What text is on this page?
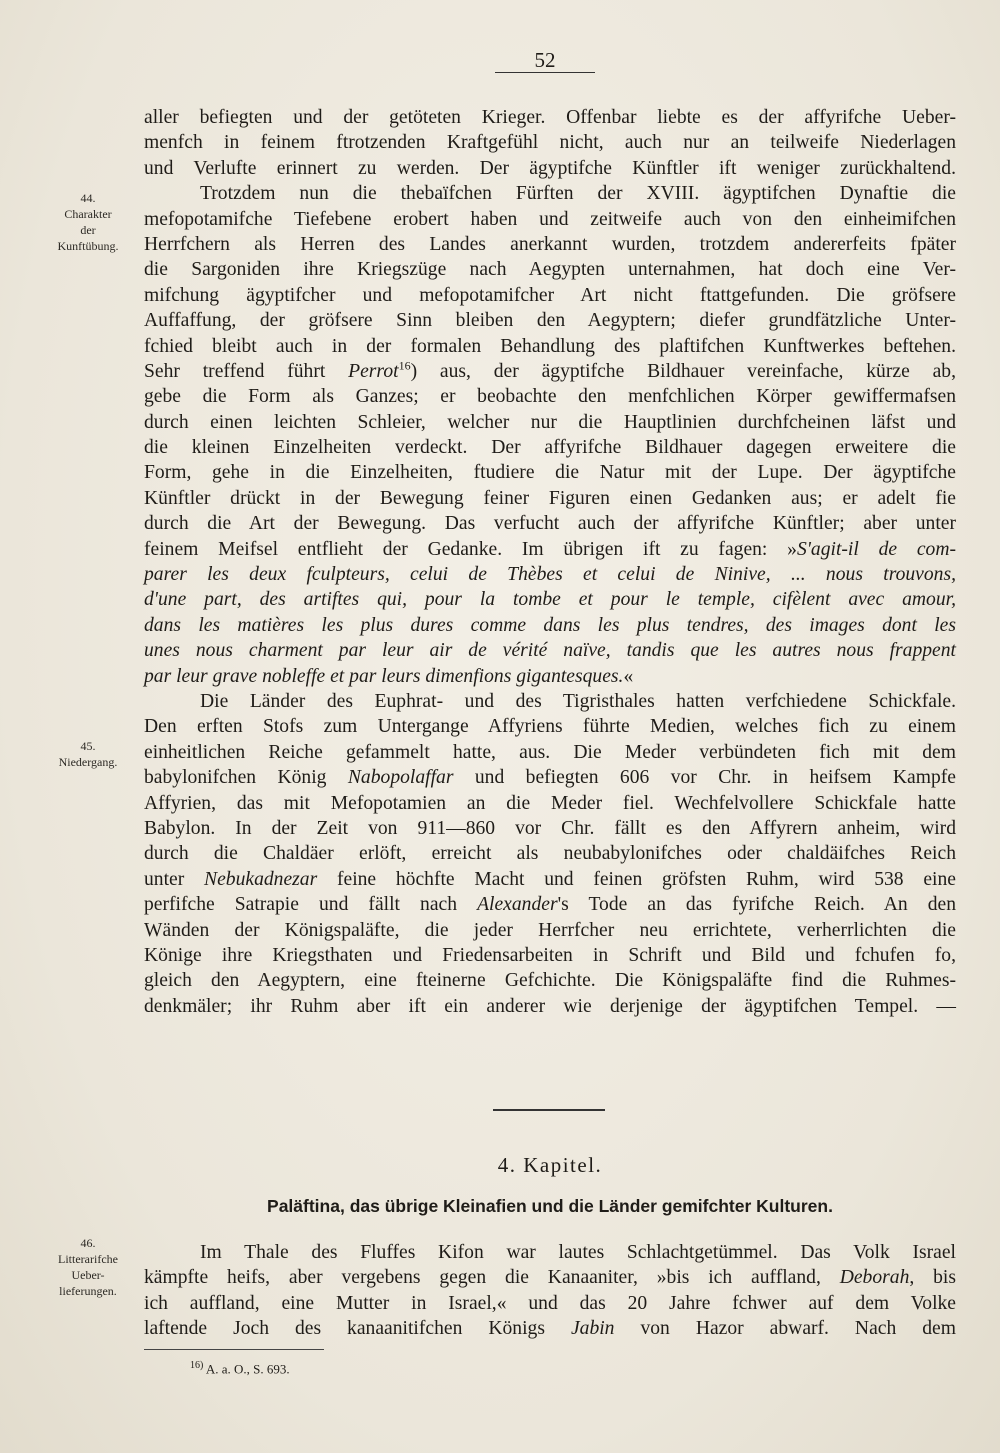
52
44.
Charakter
der
Kunftübung.
45.
Niedergang.
46.
Litterarifche
Ueber-
lieferungen.
aller befiegten und der getöteten Krieger. Offenbar liebte es der affyrifche Ueber-
menfch in feinem ftrotzenden Kraftgefühl nicht, auch nur an teilweife Niederlagen
und Verlufte erinnert zu werden. Der ägyptifche Künftler ift weniger zurückhaltend.
Trotzdem nun die thebaïfchen Fürften der XVIII. ägyptifchen Dynaftie die
mefopotamifche Tiefebene erobert haben und zeitweife auch von den einheimifchen
Herrfchern als Herren des Landes anerkannt wurden, trotzdem andererfeits fpäter
die Sargoniden ihre Kriegszüge nach Aegypten unternahmen, hat doch eine Ver-
mifchung ägyptifcher und mefopotamifcher Art nicht ftattgefunden. Die gröfsere
Auffaffung, der gröfsere Sinn bleiben den Aegyptern; diefer grundfätzliche Unter-
fchied bleibt auch in der formalen Behandlung des plaftifchen Kunftwerkes beftehen.
Sehr treffend führt Perrot$^{16}$) aus, der ägyptifche Bildhauer vereinfache, kürze ab,
gebe die Form als Ganzes; er beobachte den menfchlichen Körper gewiffermafsen
durch einen leichten Schleier, welcher nur die Hauptlinien durchfcheinen läfst und
die kleinen Einzelheiten verdeckt. Der affyrifche Bildhauer dagegen erweitere die
Form, gehe in die Einzelheiten, ftudiere die Natur mit der Lupe. Der ägyptifche
Künftler drückt in der Bewegung feiner Figuren einen Gedanken aus; er adelt fie
durch die Art der Bewegung. Das verfucht auch der affyrifche Künftler; aber unter
feinem Meifsel entflieht der Gedanke. Im übrigen ift zu fagen: »S'agit-il de com-
parer les deux fculpteurs, celui de Thèbes et celui de Ninive, ... nous trouvons,
d'une part, des artiftes qui, pour la tombe et pour le temple, cifèlent avec amour,
dans les matières les plus dures comme dans les plus tendres, des images dont les
unes nous charment par leur air de vérité naïve, tandis que les autres nous frappent
par leur grave nobleffe et par leurs dimenfions gigantesques.«
Die Länder des Euphrat- und des Tigristhales hatten verfchiedene Schickfale.
Den erften Stofs zum Untergange Affyriens führte Medien, welches fich zu einem
einheitlichen Reiche gefammelt hatte, aus. Die Meder verbündeten fich mit dem
babylonifchen König Nabopolaffar und befiegten 606 vor Chr. in heifsem Kampfe
Affyrien, das mit Mefopotamien an die Meder fiel. Wechfelvollere Schickfale hatte
Babylon. In der Zeit von 911—860 vor Chr. fällt es den Affyrern anheim, wird
durch die Chaldäer erlöft, erreicht als neubabylonifches oder chaldäifches Reich
unter Nebukadnezar feine höchfte Macht und feinen gröfsten Ruhm, wird 538 eine
perfifche Satrapie und fällt nach Alexander's Tode an das fyrifche Reich. An den
Wänden der Königspaläfte, die jeder Herrfcher neu errichtete, verherrlichten die
Könige ihre Kriegsthaten und Friedensarbeiten in Schrift und Bild und fchufen fo,
gleich den Aegyptern, eine fteinerne Gefchichte. Die Königspaläfte find die Ruhmes-
denkmäler; ihr Ruhm aber ift ein anderer wie derjenige der ägyptifchen Tempel. —
4. Kapitel.
Paläftina, das übrige Kleinafien und die Länder gemifchter Kulturen.
Im Thale des Fluffes Kifon war lautes Schlachtgetümmel. Das Volk Israel
kämpfte heifs, aber vergebens gegen die Kanaaniter, »bis ich auffland, Deborah, bis
ich auffland, eine Mutter in Israel,« und das 20 Jahre fchwer auf dem Volke
laftende Joch des kanaanitifchen Königs Jabin von Hazor abwarf. Nach dem
$^{16)}$ A. a. O., S. 693.
